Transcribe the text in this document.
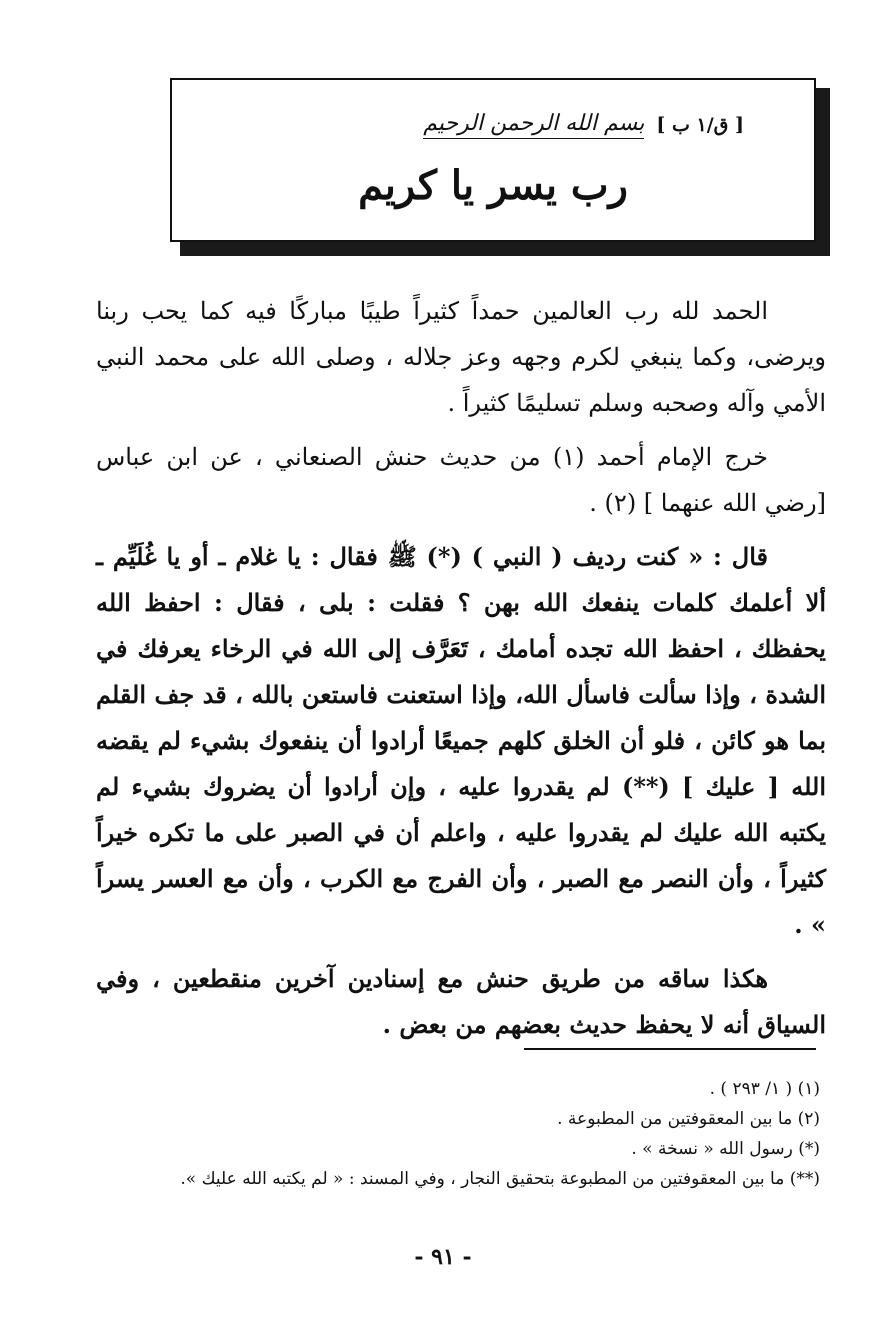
[ ق/١ ب ]
بسم الله الرحمن الرحيم
رب يسر يا كريم

الحمد لله رب العالمين حمداً كثيراً طيبًا مباركًا فيه كما يحب ربنا ويرضى، وكما ينبغي لكرم وجهه وعز جلاله ، وصلى الله على محمد النبي الأمي وآله وصحبه وسلم تسليمًا كثيراً .

خرج الإمام أحمد (١) من حديث حنش الصنعاني ، عن ابن عباس [رضي الله عنهما ] (٢) .

قال : « كنت رديف ( النبي ) (*) ﷺ فقال : يا غلام ـ أو يا غُلَيِّم ـ ألا أعلمك كلمات ينفعك الله بهن ؟ فقلت : بلى ، فقال : احفظ الله يحفظك ، احفظ الله تجده أمامك ، تَعَرَّف إلى الله في الرخاء يعرفك في الشدة ، وإذا سألت فاسأل الله، وإذا استعنت فاستعن بالله ، قد جف القلم بما هو كائن ، فلو أن الخلق كلهم جميعًا أرادوا أن ينفعوك بشيء لم يقضه الله [ عليك ] (**) لم يقدروا عليه ، وإن أرادوا أن يضروك بشيء لم يكتبه الله عليك لم يقدروا عليه ، واعلم أن في الصبر على ما تكره خيراً كثيراً ، وأن النصر مع الصبر ، وأن الفرج مع الكرب ، وأن مع العسر يسراً » .

هكذا ساقه من طريق حنش مع إسنادين آخرين منقطعين ، وفي السياق أنه لا يحفظ حديث بعضهم من بعض .

(١) ( ١/ ٢٩٣ ) .
(٢) ما بين المعقوفتين من المطبوعة .
(*) رسول الله « نسخة » .
(**) ما بين المعقوفتين من المطبوعة بتحقيق النجار ، وفي المسند : « لم يكتبه الله عليك ».
- ٩١ -
